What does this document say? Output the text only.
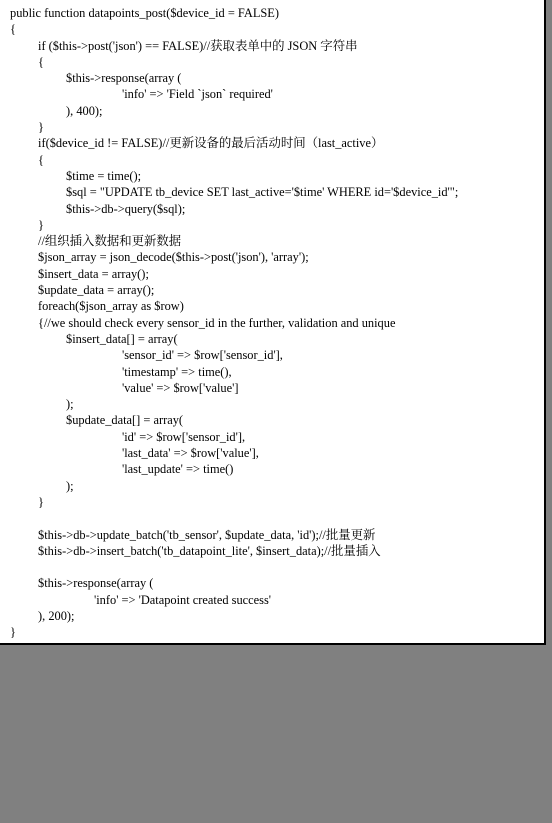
public function datapoints_post($device_id = FALSE)
{
if ($this->post('json') == FALSE)//获取表单中的 JSON 字符串
{
$this->response(array (
'info' => 'Field `json` required'
), 400);
}
if($device_id != FALSE)//更新设备的最后活动时间（last_active）
{
$time = time();
$sql = "UPDATE tb_device SET last_active='$time' WHERE id='$device_id'";
$this->db->query($sql);
}
//组织插入数据和更新数据
$json_array = json_decode($this->post('json'), 'array');
$insert_data = array();
$update_data = array();
foreach($json_array as $row)
{//we should check every sensor_id in the further, validation and unique
$insert_data[] = array(
'sensor_id' => $row['sensor_id'],
'timestamp' => time(),
'value' => $row['value']
);
$update_data[] = array(
'id' => $row['sensor_id'],
'last_data' => $row['value'],
'last_update' => time()
);
}
$this->db->update_batch('tb_sensor', $update_data, 'id');//批量更新
$this->db->insert_batch('tb_datapoint_lite', $insert_data);//批量插入
$this->response(array (
'info' => 'Datapoint created success'
), 200);
}
